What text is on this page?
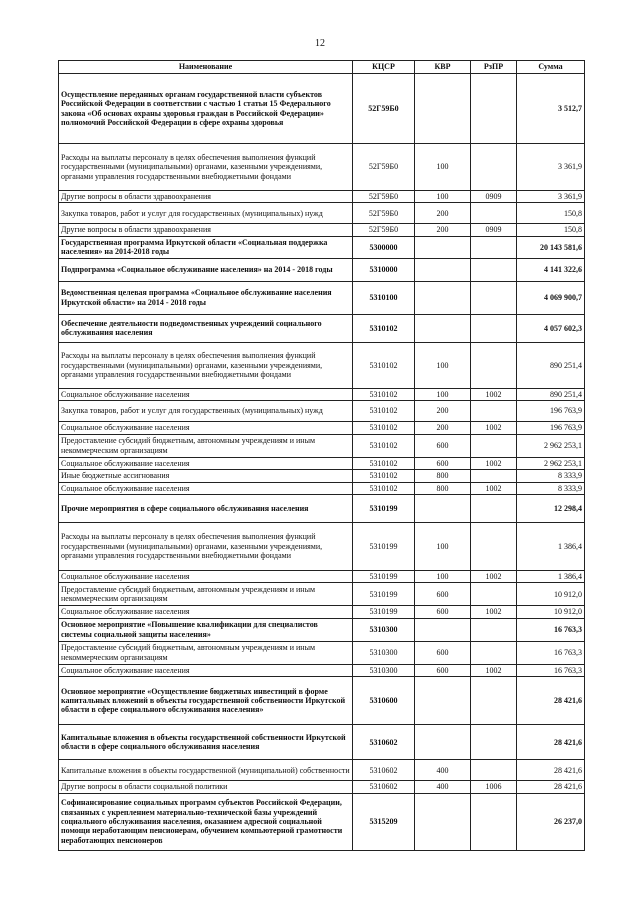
12
Наименование	КЦСР	КВР	РзПР	Сумма
Осуществление переданных органам государственной власти субъектов Российской Федерации в соответствии с частью 1 статьи 15 Федерального закона «Об основах охраны здоровья граждан в Российской Федерации» полномочий Российской Федерации в сфере охраны здоровья	52Г59Б0			3 512,7
Расходы на выплаты персоналу в целях обеспечения выполнения функций государственными (муниципальными) органами, казенными учреждениями, органами управления государственными внебюджетными фондами	52Г59Б0	100		3 361,9
Другие вопросы в области здравоохранения	52Г59Б0	100	0909	3 361,9
Закупка товаров, работ и услуг для государственных (муниципальных) нужд	52Г59Б0	200		150,8
Другие вопросы в области здравоохранения	52Г59Б0	200	0909	150,8
Государственная программа Иркутской области «Социальная поддержка населения» на 2014-2018 годы	5300000			20 143 581,6
Подпрограмма «Социальное обслуживание населения» на 2014 - 2018 годы	5310000			4 141 322,6
Ведомственная целевая программа «Социальное обслуживание населения Иркутской области» на 2014 - 2018 годы	5310100			4 069 900,7
Обеспечение деятельности подведомственных учреждений социального обслуживания населения	5310102			4 057 602,3
Расходы на выплаты персоналу в целях обеспечения выполнения функций государственными (муниципальными) органами, казенными учреждениями, органами управления государственными внебюджетными фондами	5310102	100		890 251,4
Социальное обслуживание населения	5310102	100	1002	890 251,4
Закупка товаров, работ и услуг для государственных (муниципальных) нужд	5310102	200		196 763,9
Социальное обслуживание населения	5310102	200	1002	196 763,9
Предоставление субсидий бюджетным, автономным учреждениям и иным некоммерческим организациям	5310102	600		2 962 253,1
Социальное обслуживание населения	5310102	600	1002	2 962 253,1
Иные бюджетные ассигнования	5310102	800		8 333,9
Социальное обслуживание населения	5310102	800	1002	8 333,9
Прочие мероприятия в сфере социального обслуживания населения	5310199			12 298,4
Расходы на выплаты персоналу в целях обеспечения выполнения функций государственными (муниципальными) органами, казенными учреждениями, органами управления государственными внебюджетными фондами	5310199	100		1 386,4
Социальное обслуживание населения	5310199	100	1002	1 386,4
Предоставление субсидий бюджетным, автономным учреждениям и иным некоммерческим организациям	5310199	600		10 912,0
Социальное обслуживание населения	5310199	600	1002	10 912,0
Основное мероприятие «Повышение квалификации для специалистов системы социальной защиты населения»	5310300			16 763,3
Предоставление субсидий бюджетным, автономным учреждениям и иным некоммерческим организациям	5310300	600		16 763,3
Социальное обслуживание населения	5310300	600	1002	16 763,3
Основное мероприятие «Осуществление бюджетных инвестиций в форме капитальных вложений в объекты государственной собственности Иркутской области в сфере социального обслуживания населения»	5310600			28 421,6
Капитальные вложения в объекты государственной собственности Иркутской области в сфере социального обслуживания населения	5310602			28 421,6
Капитальные вложения в объекты государственной (муниципальной) собственности	5310602	400		28 421,6
Другие вопросы в области социальной политики	5310602	400	1006	28 421,6
Софинансирование социальных программ субъектов Российской Федерации, связанных с укреплением материально-технической базы учреждений социального обслуживания населения, оказанием адресной социальной помощи неработающим пенсионерам, обучением компьютерной грамотности неработающих пенсионеров	5315209			26 237,0
